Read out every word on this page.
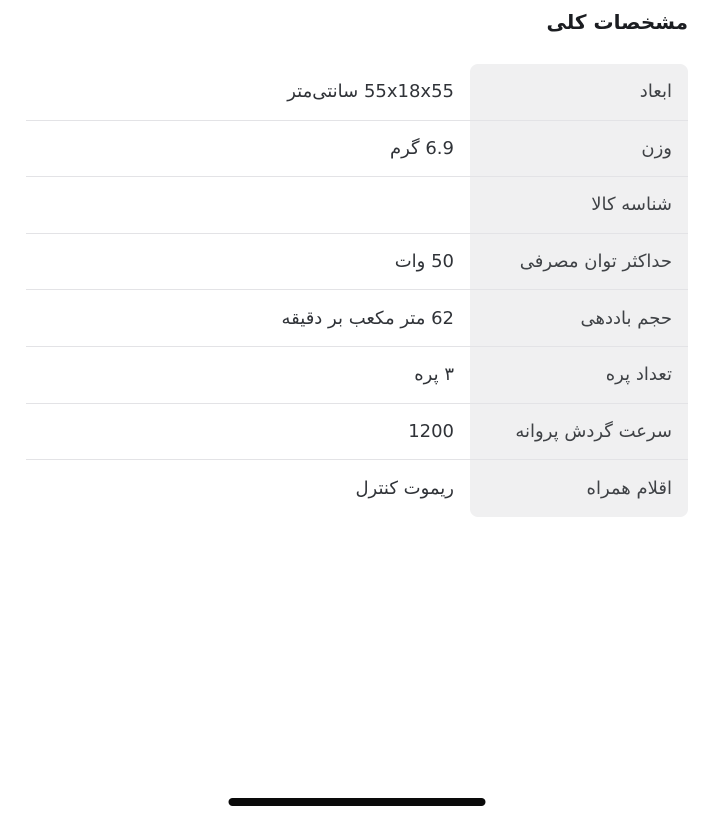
مشخصات کلی
ابعاد
55x18x55 سانتی‌متر
وزن
6.9 گرم
شناسه کالا
حداکثر توان مصرفی
50 وات
حجم باددهی
62 متر مکعب بر دقیقه
تعداد پره
۳ پره
سرعت گردش پروانه
1200
اقلام همراه
ریموت کنترل
